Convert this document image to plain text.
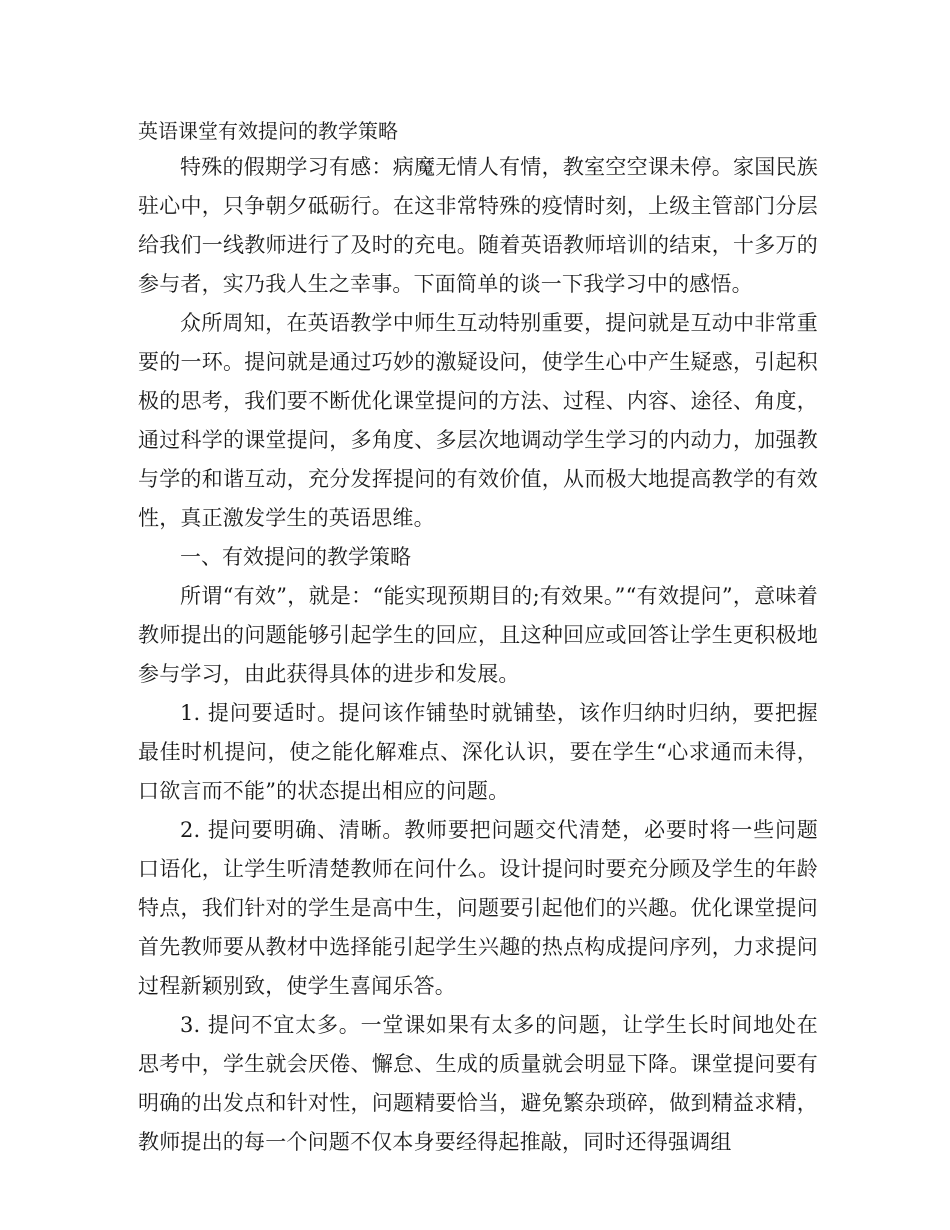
英语课堂有效提问的教学策略

特殊的假期学习有感：病魔无情人有情，教室空空课未停。家国民族驻心中，只争朝夕砥砺行。在这非常特殊的疫情时刻，上级主管部门分层给我们一线教师进行了及时的充电。随着英语教师培训的结束，十多万的参与者，实乃我人生之幸事。下面简单的谈一下我学习中的感悟。

众所周知，在英语教学中师生互动特别重要，提问就是互动中非常重要的一环。提问就是通过巧妙的激疑设问，使学生心中产生疑惑，引起积极的思考，我们要不断优化课堂提问的方法、过程、内容、途径、角度，通过科学的课堂提问，多角度、多层次地调动学生学习的内动力，加强教与学的和谐互动，充分发挥提问的有效价值，从而极大地提高教学的有效性，真正激发学生的英语思维。

一、有效提问的教学策略

所谓“有效”，就是：“能实现预期目的;有效果。”“有效提问”，意味着教师提出的问题能够引起学生的回应，且这种回应或回答让学生更积极地参与学习，由此获得具体的进步和发展。

1. 提问要适时。提问该作铺垫时就铺垫，该作归纳时归纳，要把握最佳时机提问，使之能化解难点、深化认识，要在学生“心求通而未得，口欲言而不能”的状态提出相应的问题。

2. 提问要明确、清晰。教师要把问题交代清楚，必要时将一些问题口语化，让学生听清楚教师在问什么。设计提问时要充分顾及学生的年龄特点，我们针对的学生是高中生，问题要引起他们的兴趣。优化课堂提问首先教师要从教材中选择能引起学生兴趣的热点构成提问序列，力求提问过程新颖别致，使学生喜闻乐答。

3. 提问不宜太多。一堂课如果有太多的问题，让学生长时间地处在思考中，学生就会厌倦、懈怠、生成的质量就会明显下降。课堂提问要有明确的出发点和针对性，问题精要恰当，避免繁杂琐碎，做到精益求精，教师提出的每一个问题不仅本身要经得起推敲，同时还得强调组
